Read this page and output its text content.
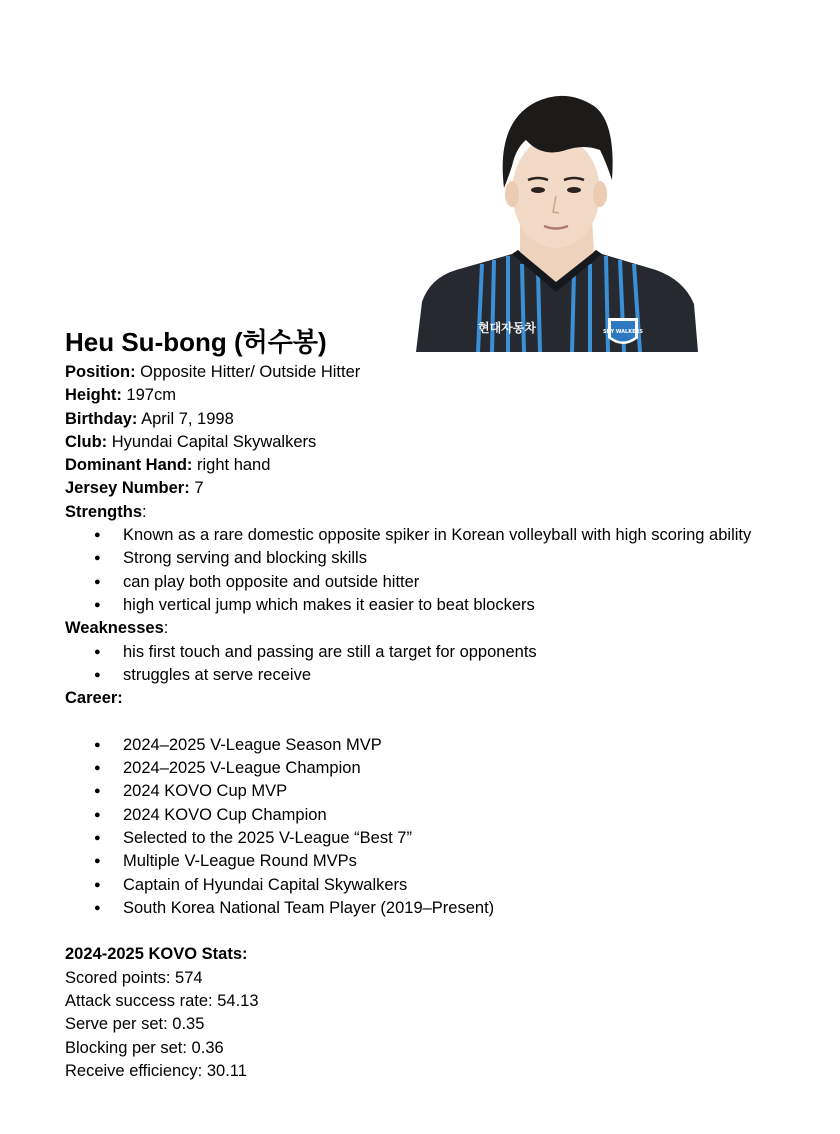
현대자동차	SKY WALKERS
Heu Su-bong (허수봉)

Position: Opposite Hitter/ Outside Hitter

Height: 197cm

Birthday: April 7, 1998

Club: Hyundai Capital Skywalkers

Dominant Hand: right hand

Jersey Number: 7

Strengths:

● Known as a rare domestic opposite spiker in Korean volleyball with high scoring ability
● Strong serving and blocking skills
● can play both opposite and outside hitter
● high vertical jump which makes it easier to beat blockers

Weaknesses:

● his first touch and passing are still a target for opponents
● struggles at serve receive

Career:

● 2024–2025 V-League Season MVP
● 2024–2025 V-League Champion
● 2024 KOVO Cup MVP
● 2024 KOVO Cup Champion
● Selected to the 2025 V-League “Best 7”
● Multiple V-League Round MVPs
● Captain of Hyundai Capital Skywalkers
● South Korea National Team Player (2019–Present)

2024-2025 KOVO Stats:

Scored points: 574

Attack success rate: 54.13

Serve per set: 0.35

Blocking per set: 0.36

Receive efficiency: 30.11
